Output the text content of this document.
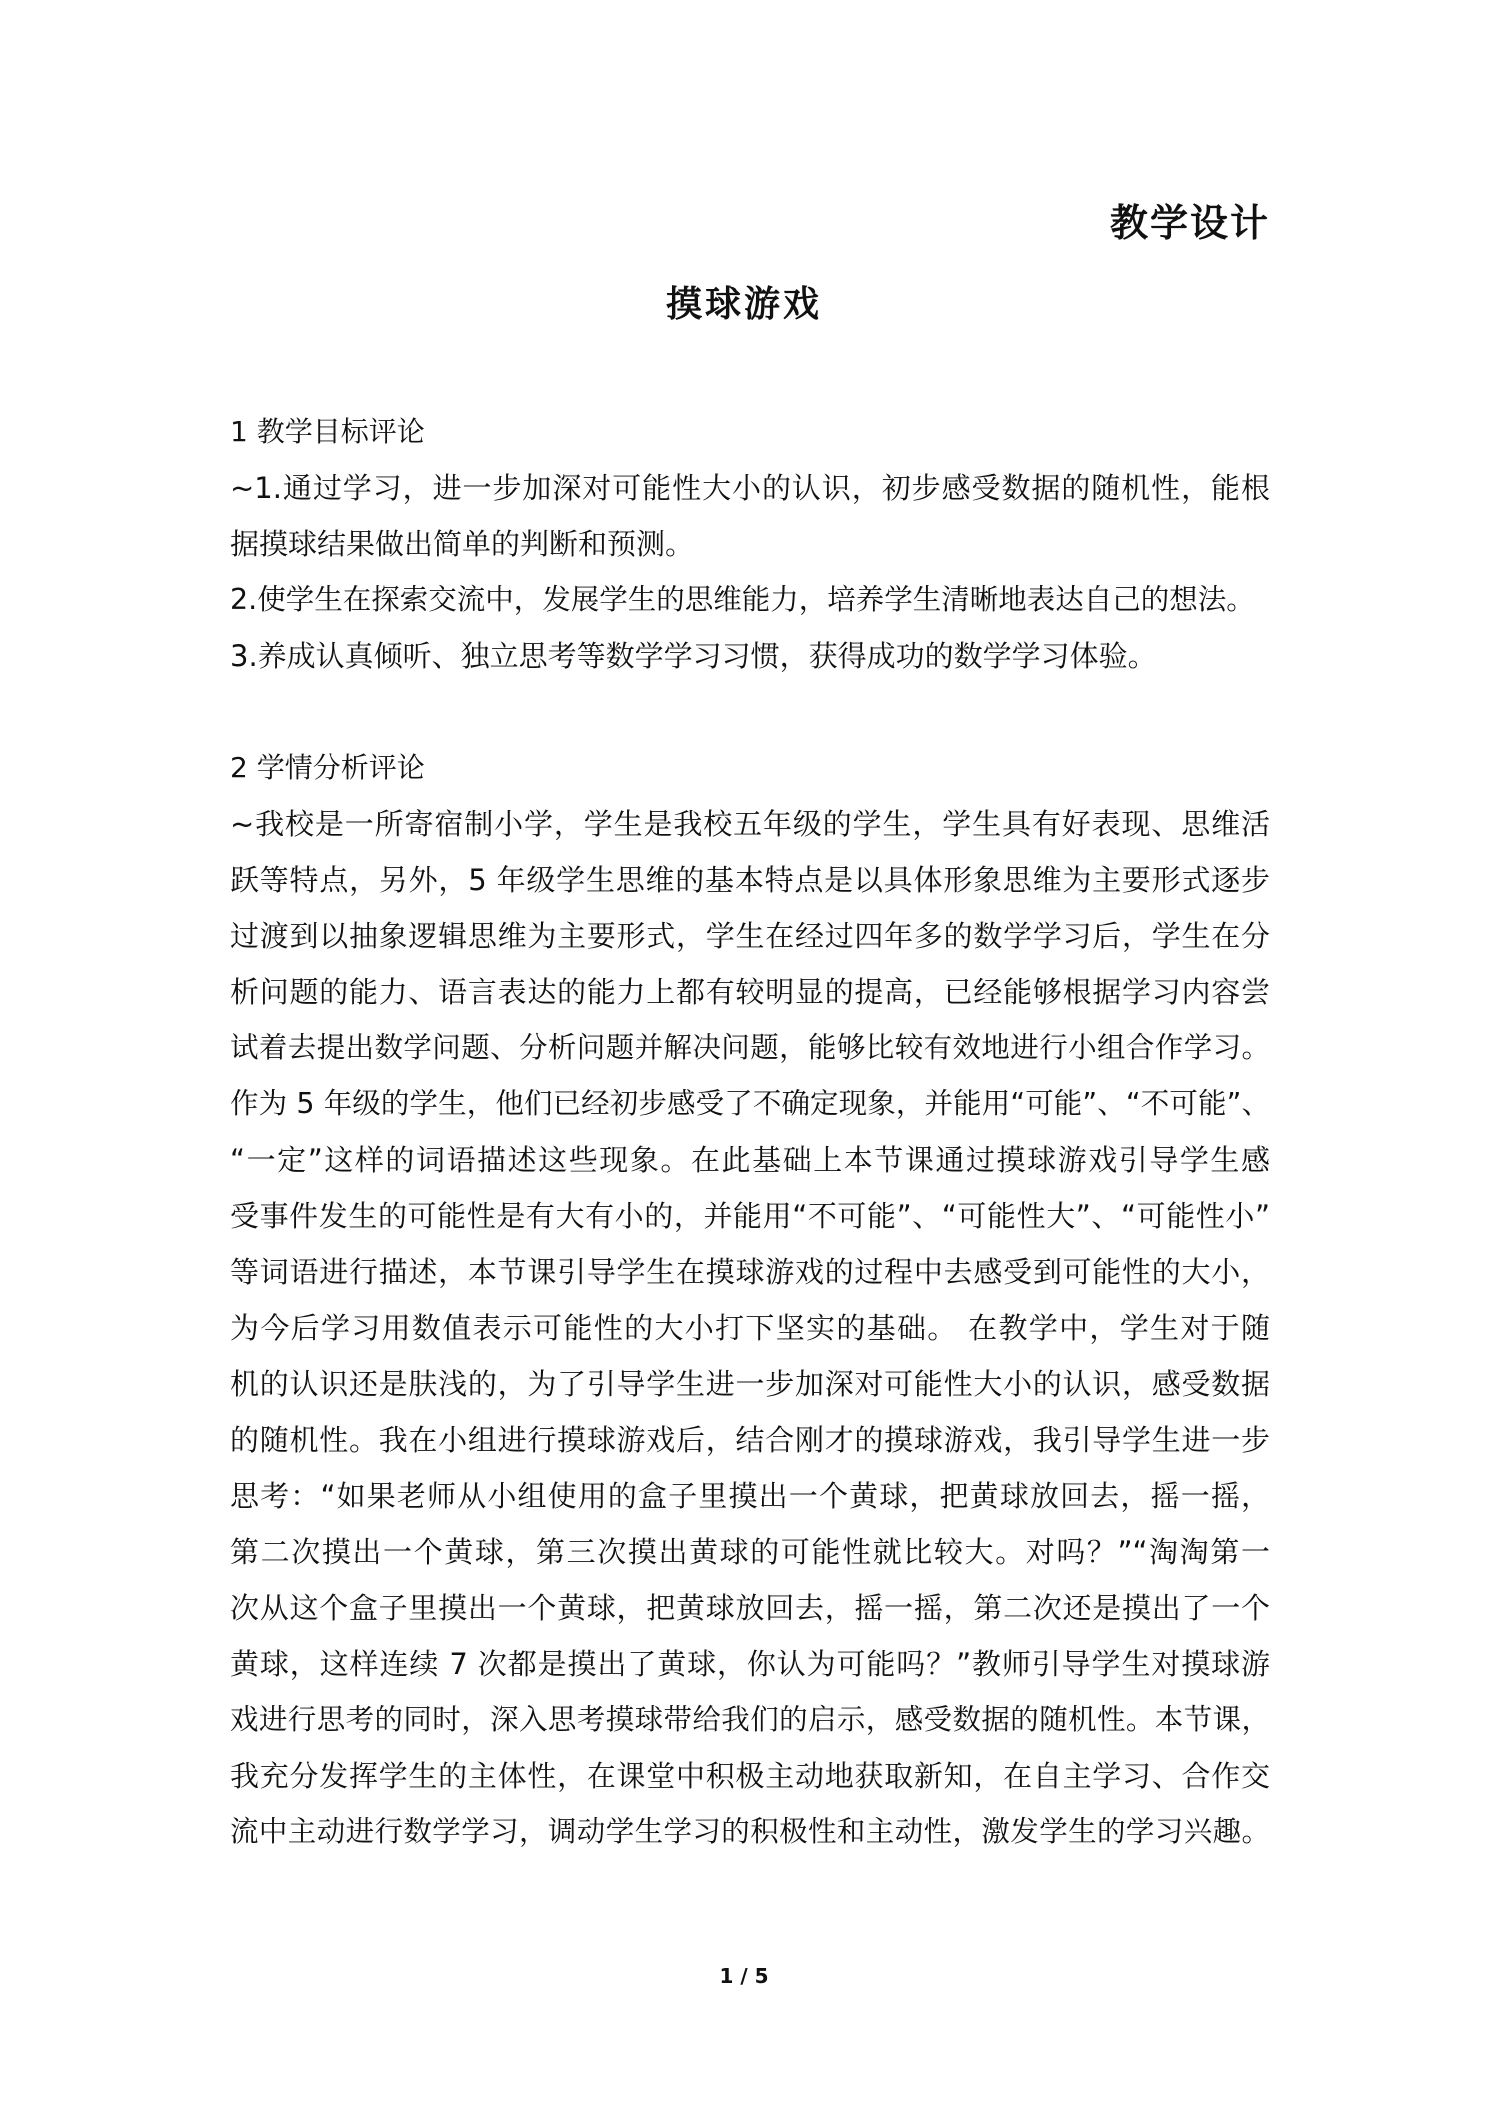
教学设计
摸球游戏
1 教学目标评论
~1.通过学习，进一步加深对可能性大小的认识，初步感受数据的随机性，能根
据摸球结果做出简单的判断和预测。
2.使学生在探索交流中，发展学生的思维能力，培养学生清晰地表达自己的想法。
3.养成认真倾听、独立思考等数学学习习惯，获得成功的数学学习体验。
2 学情分析评论
~我校是一所寄宿制小学，学生是我校五年级的学生，学生具有好表现、思维活
跃等特点，另外，5 年级学生思维的基本特点是以具体形象思维为主要形式逐步
过渡到以抽象逻辑思维为主要形式，学生在经过四年多的数学学习后，学生在分
析问题的能力、语言表达的能力上都有较明显的提高，已经能够根据学习内容尝
试着去提出数学问题、分析问题并解决问题，能够比较有效地进行小组合作学习。
作为 5 年级的学生，他们已经初步感受了不确定现象，并能用“可能”、“不可能”、
“一定”这样的词语描述这些现象。在此基础上本节课通过摸球游戏引导学生感
受事件发生的可能性是有大有小的，并能用“不可能”、“可能性大”、“可能性小”
等词语进行描述，本节课引导学生在摸球游戏的过程中去感受到可能性的大小，
为今后学习用数值表示可能性的大小打下坚实的基础。 在教学中，学生对于随
机的认识还是肤浅的，为了引导学生进一步加深对可能性大小的认识，感受数据
的随机性。我在小组进行摸球游戏后，结合刚才的摸球游戏，我引导学生进一步
思考：“如果老师从小组使用的盒子里摸出一个黄球，把黄球放回去，摇一摇，
第二次摸出一个黄球，第三次摸出黄球的可能性就比较大。对吗？”“淘淘第一
次从这个盒子里摸出一个黄球，把黄球放回去，摇一摇，第二次还是摸出了一个
黄球，这样连续 7 次都是摸出了黄球，你认为可能吗？”教师引导学生对摸球游
戏进行思考的同时，深入思考摸球带给我们的启示，感受数据的随机性。本节课，
我充分发挥学生的主体性，在课堂中积极主动地获取新知，在自主学习、合作交
流中主动进行数学学习，调动学生学习的积极性和主动性，激发学生的学习兴趣。
1 / 5
